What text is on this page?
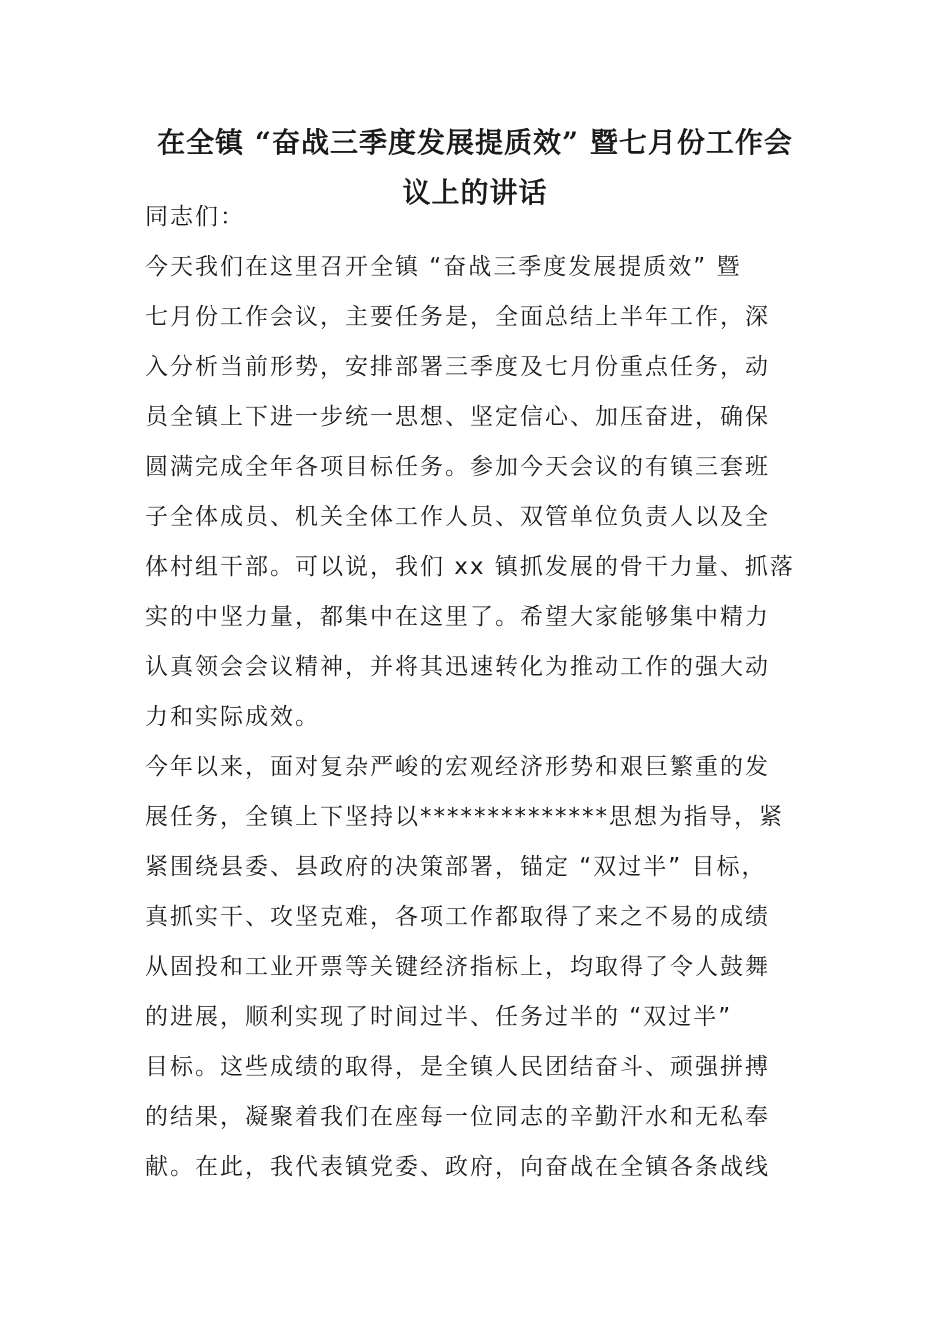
在全镇 “奋战三季度发展提质效” 暨七月份工作会
议上的讲话
同志们：
今天我们在这里召开全镇 “奋战三季度发展提质效” 暨
七月份工作会议，主要任务是，全面总结上半年工作，深
入分析当前形势，安排部署三季度及七月份重点任务，动
员全镇上下进一步统一思想、坚定信心、加压奋进，确保
圆满完成全年各项目标任务。参加今天会议的有镇三套班
子全体成员、机关全体工作人员、双管单位负责人以及全
体村组干部。可以说，我们 xx 镇抓发展的骨干力量、抓落
实的中坚力量，都集中在这里了。希望大家能够集中精力
认真领会会议精神，并将其迅速转化为推动工作的强大动
力和实际成效。
今年以来，面对复杂严峻的宏观经济形势和艰巨繁重的发
展任务，全镇上下坚持以**************思想为指导，紧
紧围绕县委、县政府的决策部署，锚定 “双过半” 目标，
真抓实干、攻坚克难，各项工作都取得了来之不易的成绩
从固投和工业开票等关键经济指标上，均取得了令人鼓舞
的进展，顺利实现了时间过半、任务过半的 “双过半”
目标。这些成绩的取得，是全镇人民团结奋斗、顽强拼搏
的结果，凝聚着我们在座每一位同志的辛勤汗水和无私奉
献。在此，我代表镇党委、政府，向奋战在全镇各条战线
